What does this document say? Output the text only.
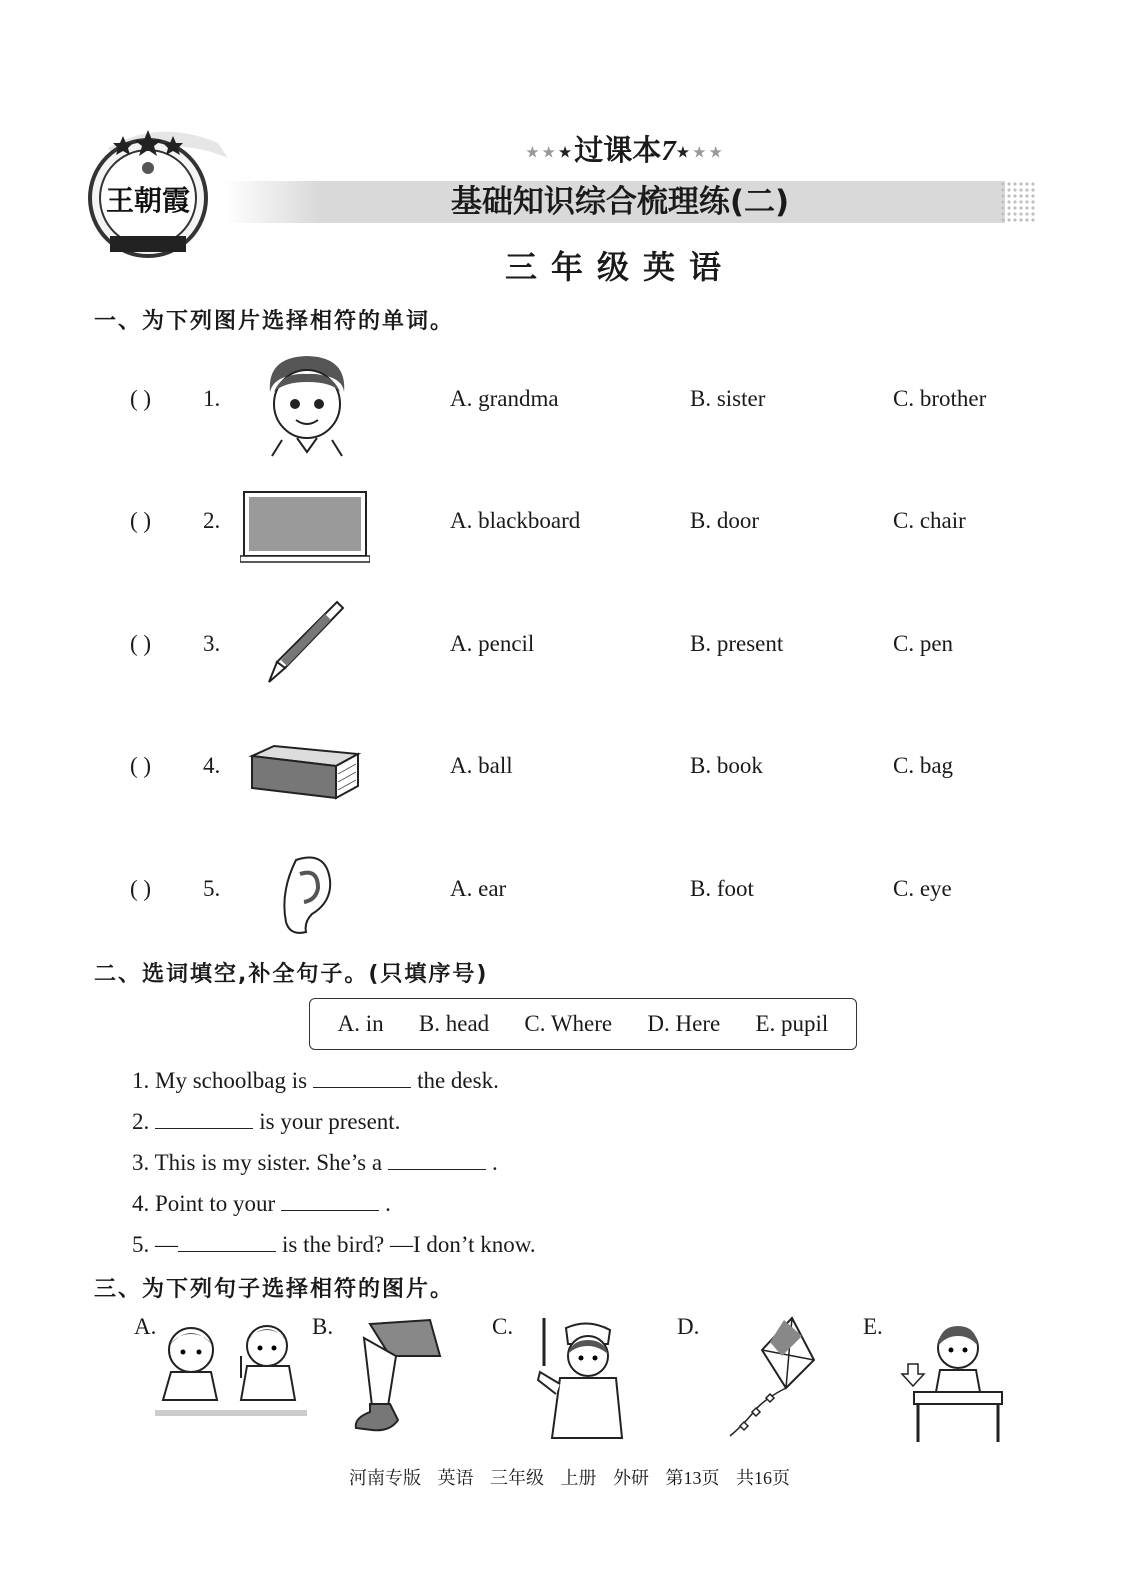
王朝霞
★★★过课本7★★★
基础知识综合梳理练(二)
三年级英语
一、为下列图片选择相符的单词。
( ) 1.	A. grandma	B. sister	C. brother
( ) 2.	A. blackboard	B. door	C. chair
( ) 3.	A. pencil	B. present	C. pen
( ) 4.	A. ball	B. book	C. bag
( ) 5.	A. ear	B. foot	C. eye
二、选词填空,补全句子。(只填序号)
A. in B. head C. Where D. Here E. pupil
1. My schoolbag is	the desk.
2.	is your present.
3. This is my sister. She’s a	.
4. Point to your	.
5. —	is the bird? —I don’t know.
三、为下列句子选择相符的图片。
A.	B.	C.	D.	E.
河南专版 英语 三年级 上册 外研 第13页 共16页
